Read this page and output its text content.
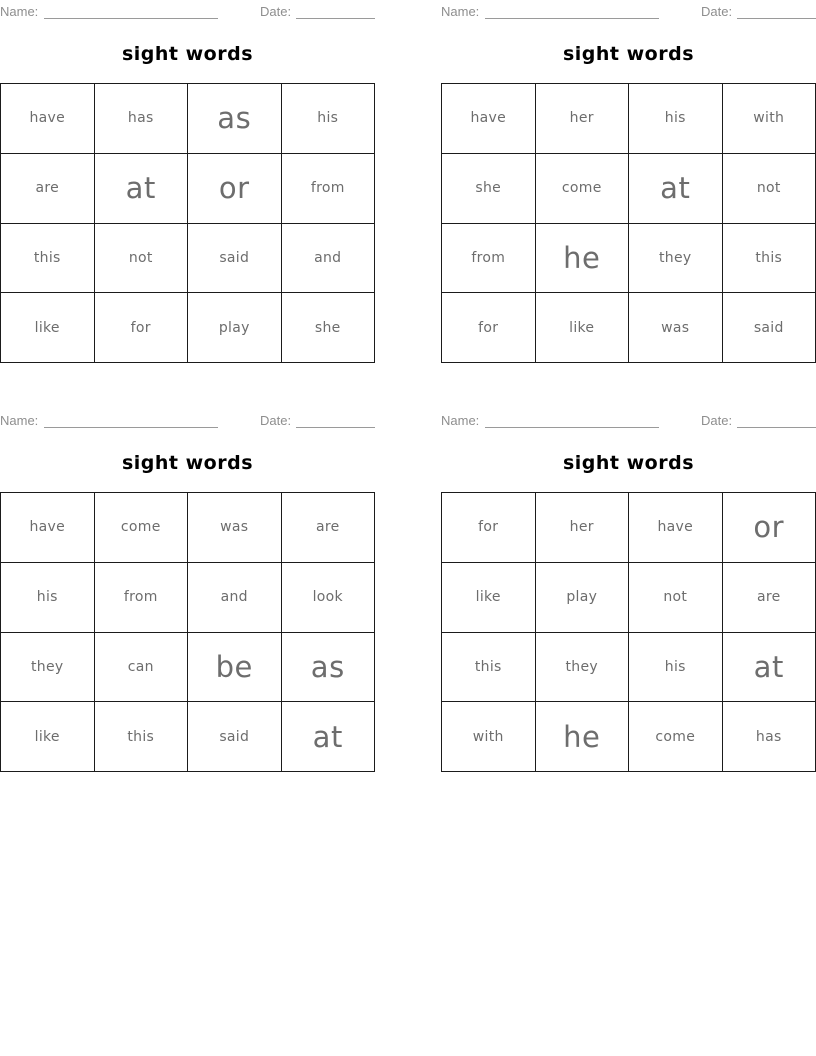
Name:	Date:
sight words
have	has	as	his
are	at	or	from
this	not	said	and
like	for	play	she
Name:	Date:
sight words
have	her	his	with
she	come	at	not
from	he	they	this
for	like	was	said
Name:	Date:
sight words
have	come	was	are
his	from	and	look
they	can	be	as
like	this	said	at
Name:	Date:
sight words
for	her	have	or
like	play	not	are
this	they	his	at
with	he	come	has
